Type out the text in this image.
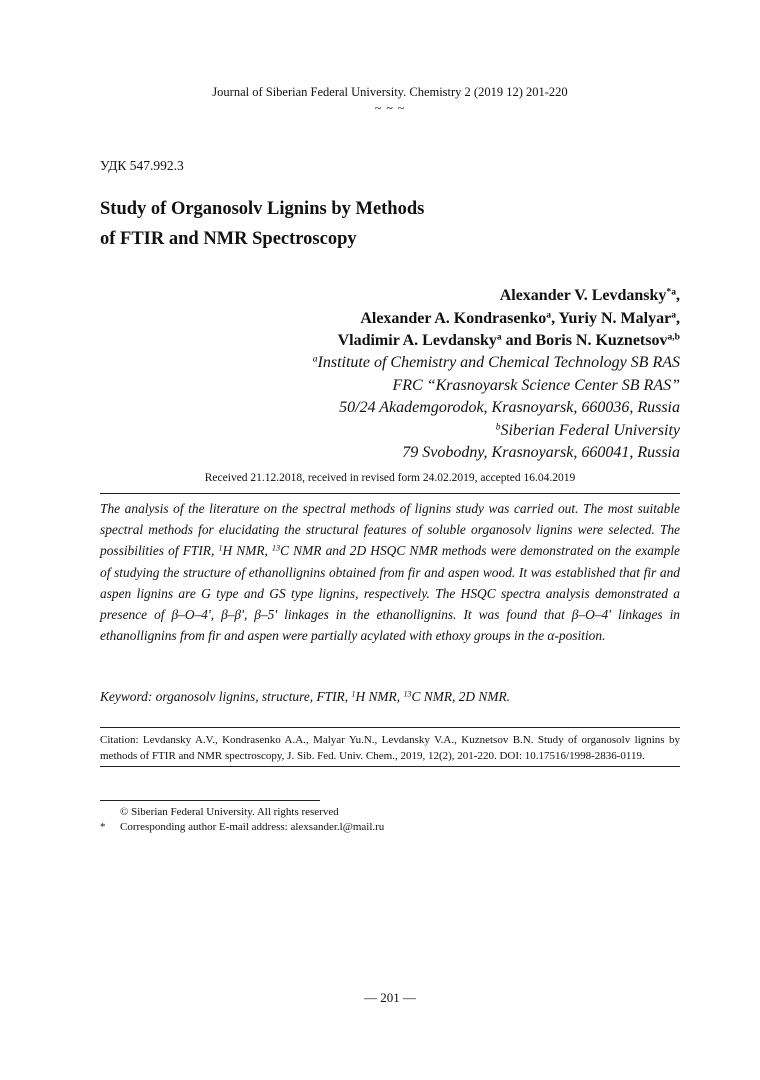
Journal of Siberian Federal University. Chemistry 2 (2019 12) 201-220
~ ~ ~
УДК 547.992.3
Study of Organosolv Lignins by Methods
of FTIR and NMR Spectroscopy
Alexander V. Levdansky$^{*a}$,
Alexander A. Kondrasenko$^a$, Yuriy N. Malyar$^a$,
Vladimir A. Levdansky$^a$ and Boris N. Kuznetsov$^{a,b}$
$^a$Institute of Chemistry and Chemical Technology SB RAS
FRC “Krasnoyarsk Science Center SB RAS”
50/24 Akademgorodok, Krasnoyarsk, 660036, Russia
$^b$Siberian Federal University
79 Svobodny, Krasnoyarsk, 660041, Russia
Received 21.12.2018, received in revised form 24.02.2019, accepted 16.04.2019
The analysis of the literature on the spectral methods of lignins study was carried out. The most suitable spectral methods for elucidating the structural features of soluble organosolv lignins were selected. The possibilities of FTIR, $^1$H NMR, $^{13}$C NMR and 2D HSQC NMR methods were demonstrated on the example of studying the structure of ethanollignins obtained from fir and aspen wood. It was established that fir and aspen lignins are G type and GS type lignins, respectively. The HSQC spectra analysis demonstrated a presence of β–O–4', β–β', β–5' linkages in the ethanollignins. It was found that β–O–4' linkages in ethanollignins from fir and aspen were partially acylated with ethoxy groups in the α-position.
Keyword: organosolv lignins, structure, FTIR, $^1$H NMR, $^{13}$C NMR, 2D NMR.
Citation: Levdansky A.V., Kondrasenko A.A., Malyar Yu.N., Levdansky V.A., Kuznetsov B.N. Study of organosolv lignins by methods of FTIR and NMR spectroscopy, J. Sib. Fed. Univ. Chem., 2019, 12(2), 201-220. DOI: 10.17516/1998-2836-0119.
© Siberian Federal University. All rights reserved
* Corresponding author E-mail address: alexsander.l@mail.ru
— 201 —
